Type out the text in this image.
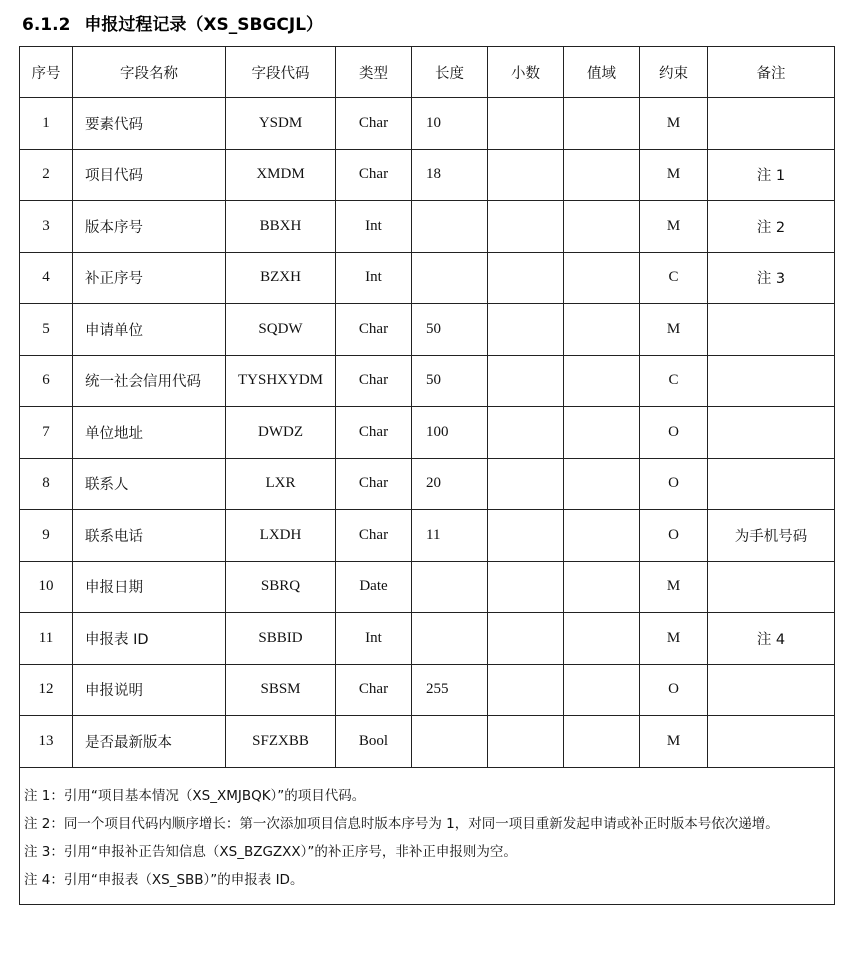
6.1.2 申报过程记录（XS_SBGCJL）
序号	字段名称	字段代码	类型	长度	小数	值域	约束	备注
1	要素代码	YSDM	Char	10			M	
2	项目代码	XMDM	Char	18			M	注 1
3	版本序号	BBXH	Int				M	注 2
4	补正序号	BZXH	Int				C	注 3
5	申请单位	SQDW	Char	50			M	
6	统一社会信用代码	TYSHXYDM	Char	50			C	
7	单位地址	DWDZ	Char	100			O	
8	联系人	LXR	Char	20			O	
9	联系电话	LXDH	Char	11			O	为手机号码
10	申报日期	SBRQ	Date				M	
11	申报表 ID	SBBID	Int				M	注 4
12	申报说明	SBSM	Char	255			O	
13	是否最新版本	SFZXBB	Bool				M	

注 1：引用“项目基本情况（XS_XMJBQK）”的项目代码。
注 2：同一个项目代码内顺序增长：第一次添加项目信息时版本序号为 1，对同一项目重新发起申请或补正时版本号依次递增。
注 3：引用“申报补正告知信息（XS_BZGZXX）”的补正序号，非补正申报则为空。
注 4：引用“申报表（XS_SBB）”的申报表 ID。								
